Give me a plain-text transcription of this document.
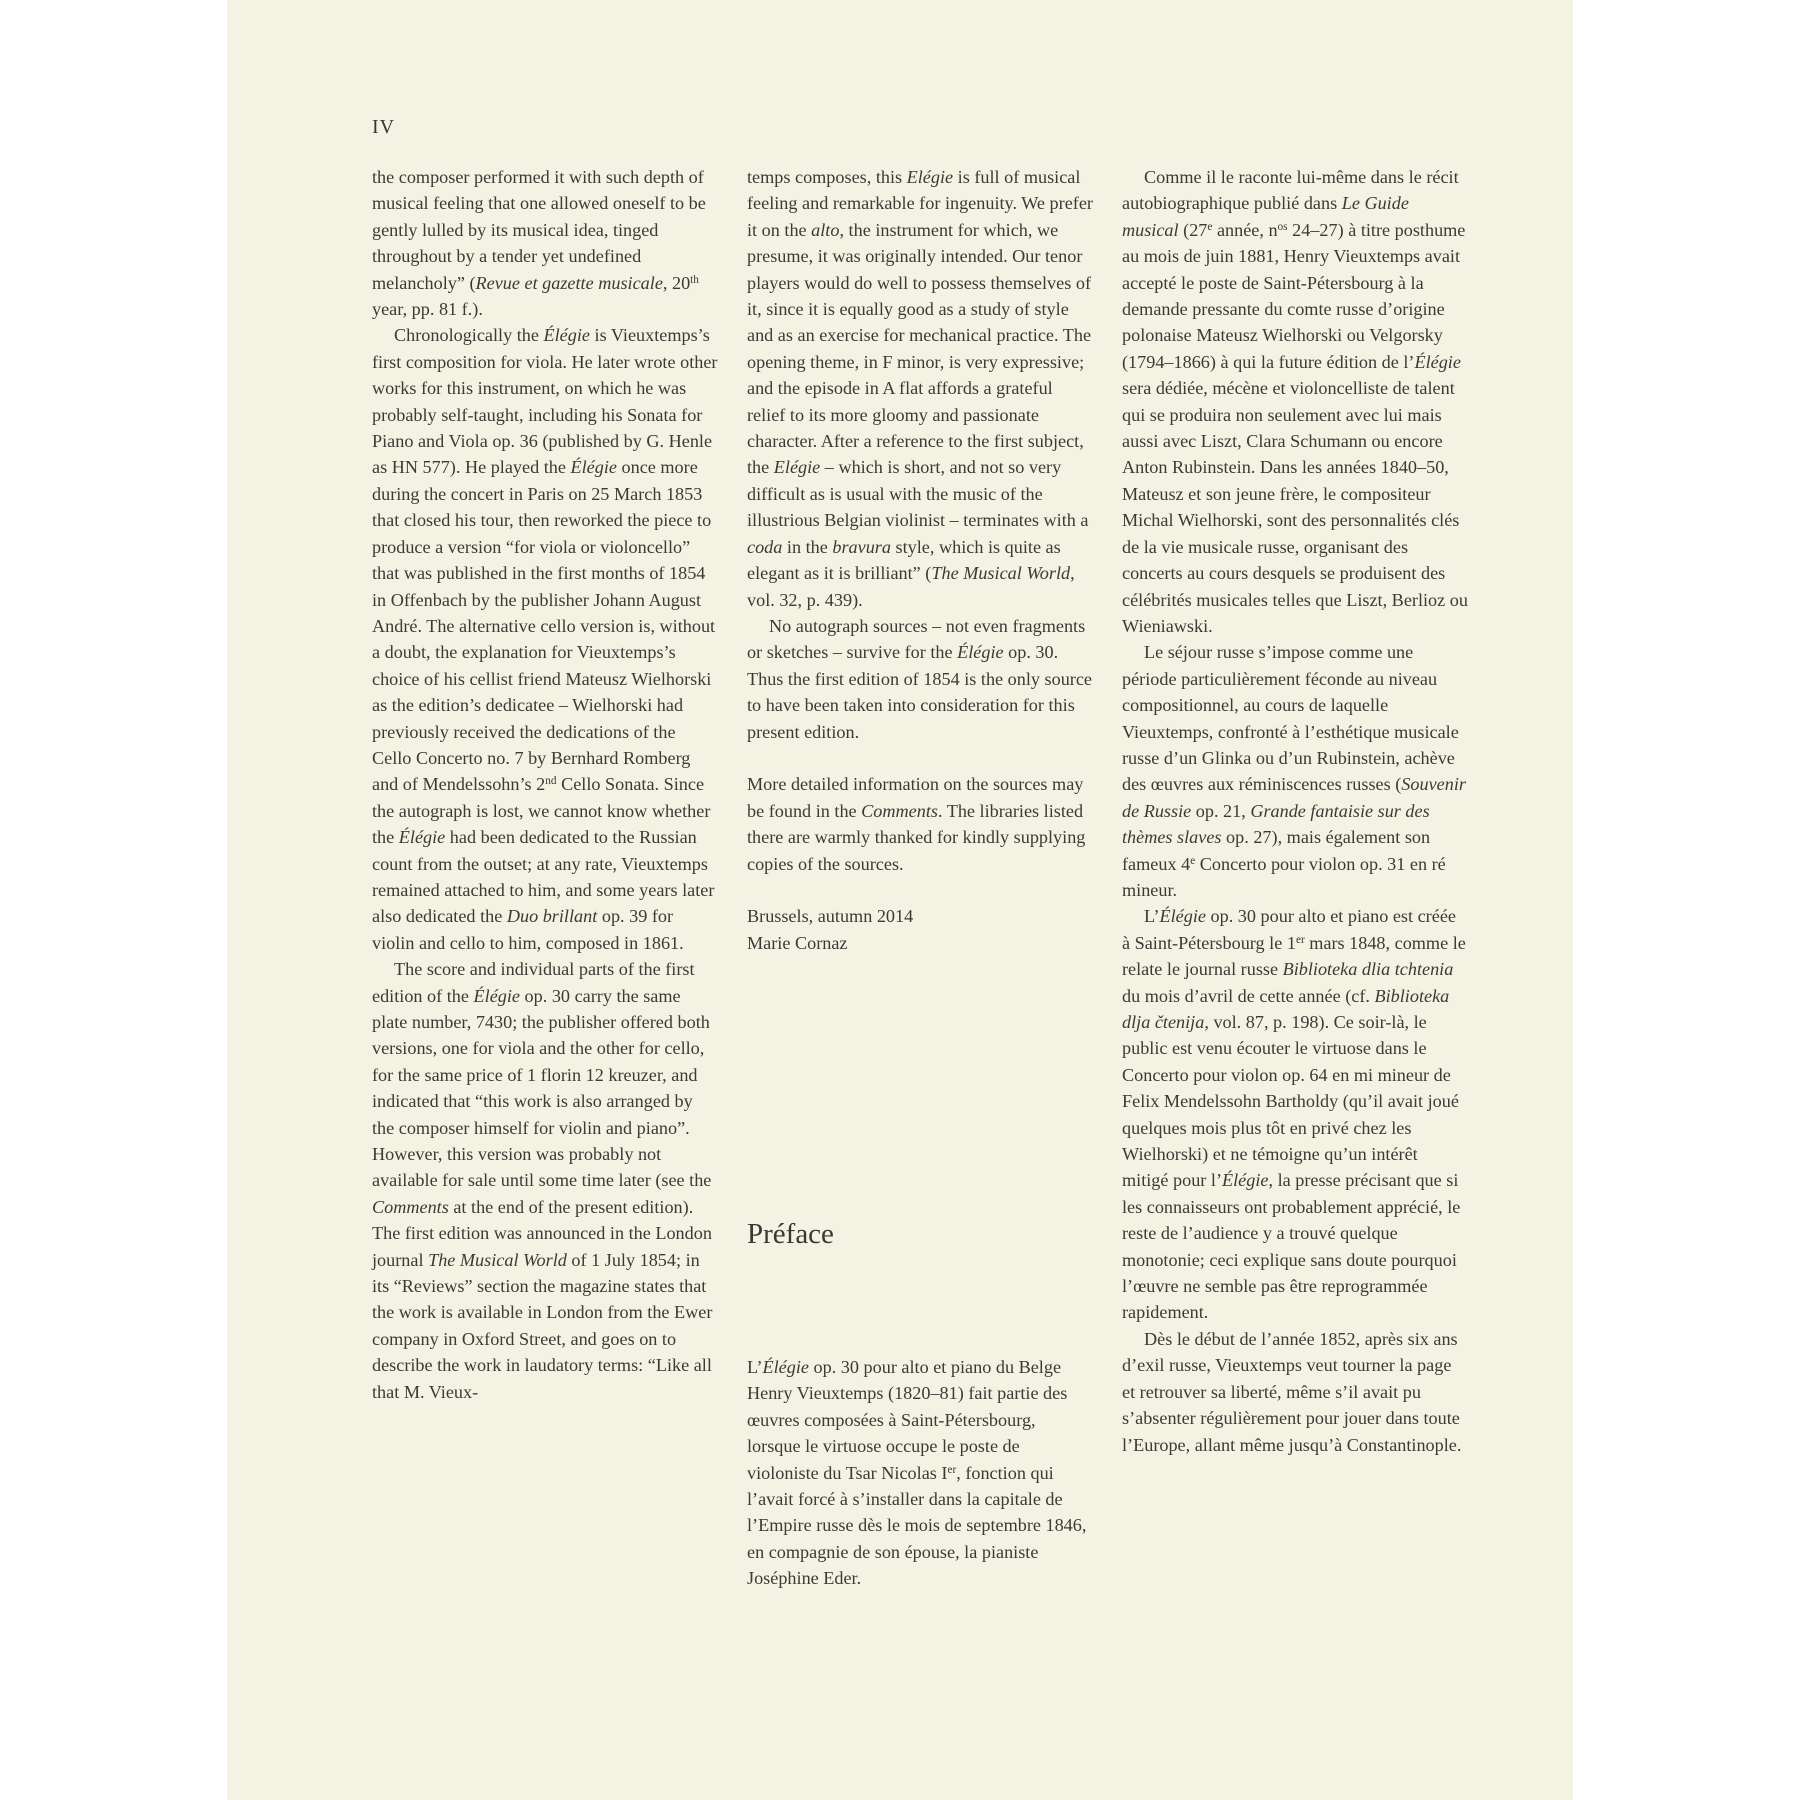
IV

the composer performed it with such depth of musical feeling that one allowed oneself to be gently lulled by its musical idea, tinged throughout by a tender yet undefined melancholy” (Revue et gazette musicale, 20th year, pp. 81 f.).

Chronologically the Élégie is Vieuxtemps’s first composition for viola. He later wrote other works for this instrument, on which he was probably self-taught, including his Sonata for Piano and Viola op. 36 (published by G. Henle as HN 577). He played the Élégie once more during the concert in Paris on 25 March 1853 that closed his tour, then reworked the piece to produce a version “for viola or violoncello” that was published in the first months of 1854 in Offenbach by the publisher Johann August André. The alternative cello version is, without a doubt, the explanation for Vieuxtemps’s choice of his cellist friend Mateusz Wielhorski as the edition’s dedicatee – Wielhorski had previously received the dedications of the Cello Concerto no. 7 by Bernhard Romberg and of Mendelssohn’s 2nd Cello Sonata. Since the autograph is lost, we cannot know whether the Élégie had been dedicated to the Russian count from the outset; at any rate, Vieuxtemps remained attached to him, and some years later also dedicated the Duo brillant op. 39 for violin and cello to him, composed in 1861.

The score and individual parts of the first edition of the Élégie op. 30 carry the same plate number, 7430; the publisher offered both versions, one for viola and the other for cello, for the same price of 1 florin 12 kreuzer, and indicated that “this work is also arranged by the composer himself for violin and piano”. However, this version was probably not available for sale until some time later (see the Comments at the end of the present edition). The first edition was announced in the London journal The Musical World of 1 July 1854; in its “Reviews” section the magazine states that the work is available in London from the Ewer company in Oxford Street, and goes on to describe the work in laudatory terms: “Like all that M. Vieux-

temps composes, this Elégie is full of musical feeling and remarkable for ingenuity. We prefer it on the alto, the instrument for which, we presume, it was originally intended. Our tenor players would do well to possess themselves of it, since it is equally good as a study of style and as an exercise for mechanical practice. The opening theme, in F minor, is very expressive; and the episode in A flat affords a grateful relief to its more gloomy and passionate character. After a reference to the first subject, the Elégie – which is short, and not so very difficult as is usual with the music of the illustrious Belgian violinist – terminates with a coda in the bravura style, which is quite as elegant as it is brilliant” (The Musical World, vol. 32, p. 439).

No autograph sources – not even fragments or sketches – survive for the Élégie op. 30. Thus the first edition of 1854 is the only source to have been taken into consideration for this present edition.

More detailed information on the sources may be found in the Comments. The libraries listed there are warmly thanked for kindly supplying copies of the sources.

Brussels, autumn 2014

Marie Cornaz

Préface

L’Élégie op. 30 pour alto et piano du Belge Henry Vieuxtemps (1820–81) fait partie des œuvres composées à Saint-Pétersbourg, lorsque le virtuose occupe le poste de violoniste du Tsar Nicolas Ier, fonction qui l’avait forcé à s’installer dans la capitale de l’Empire russe dès le mois de septembre 1846, en compagnie de son épouse, la pianiste Joséphine Eder.

Comme il le raconte lui-même dans le récit autobiographique publié dans Le Guide musical (27e année, $n^{os}$ 24–27) à titre posthume au mois de juin 1881, Henry Vieuxtemps avait accepté le poste de Saint-Pétersbourg à la demande pressante du comte russe d’origine polonaise Mateusz Wielhorski ou Velgorsky (1794–1866) à qui la future édition de l’Élégie sera dédiée, mécène et violoncelliste de talent qui se produira non seulement avec lui mais aussi avec Liszt, Clara Schumann ou encore Anton Rubinstein. Dans les années 1840–50, Mateusz et son jeune frère, le compositeur Michal Wielhorski, sont des personnalités clés de la vie musicale russe, organisant des concerts au cours desquels se produisent des célébrités musicales telles que Liszt, Berlioz ou Wieniawski.

Le séjour russe s’impose comme une période particulièrement féconde au niveau compositionnel, au cours de laquelle Vieuxtemps, confronté à l’esthétique musicale russe d’un Glinka ou d’un Rubinstein, achève des œuvres aux réminiscences russes (Souvenir de Russie op. 21, Grande fantaisie sur des thèmes slaves op. 27), mais également son fameux 4e Concerto pour violon op. 31 en ré mineur.

L’Élégie op. 30 pour alto et piano est créée à Saint-Pétersbourg le 1er mars 1848, comme le relate le journal russe Biblioteka dlia tchtenia du mois d’avril de cette année (cf. Biblioteka dlja čtenija, vol. 87, p. 198). Ce soir-là, le public est venu écouter le virtuose dans le Concerto pour violon op. 64 en mi mineur de Felix Mendelssohn Bartholdy (qu’il avait joué quelques mois plus tôt en privé chez les Wielhorski) et ne témoigne qu’un intérêt mitigé pour l’Élégie, la presse précisant que si les connaisseurs ont probablement apprécié, le reste de l’audience y a trouvé quelque monotonie; ceci explique sans doute pourquoi l’œuvre ne semble pas être reprogrammée rapidement.

Dès le début de l’année 1852, après six ans d’exil russe, Vieuxtemps veut tourner la page et retrouver sa liberté, même s’il avait pu s’absenter régulièrement pour jouer dans toute l’Europe, allant même jusqu’à Constantinople.
